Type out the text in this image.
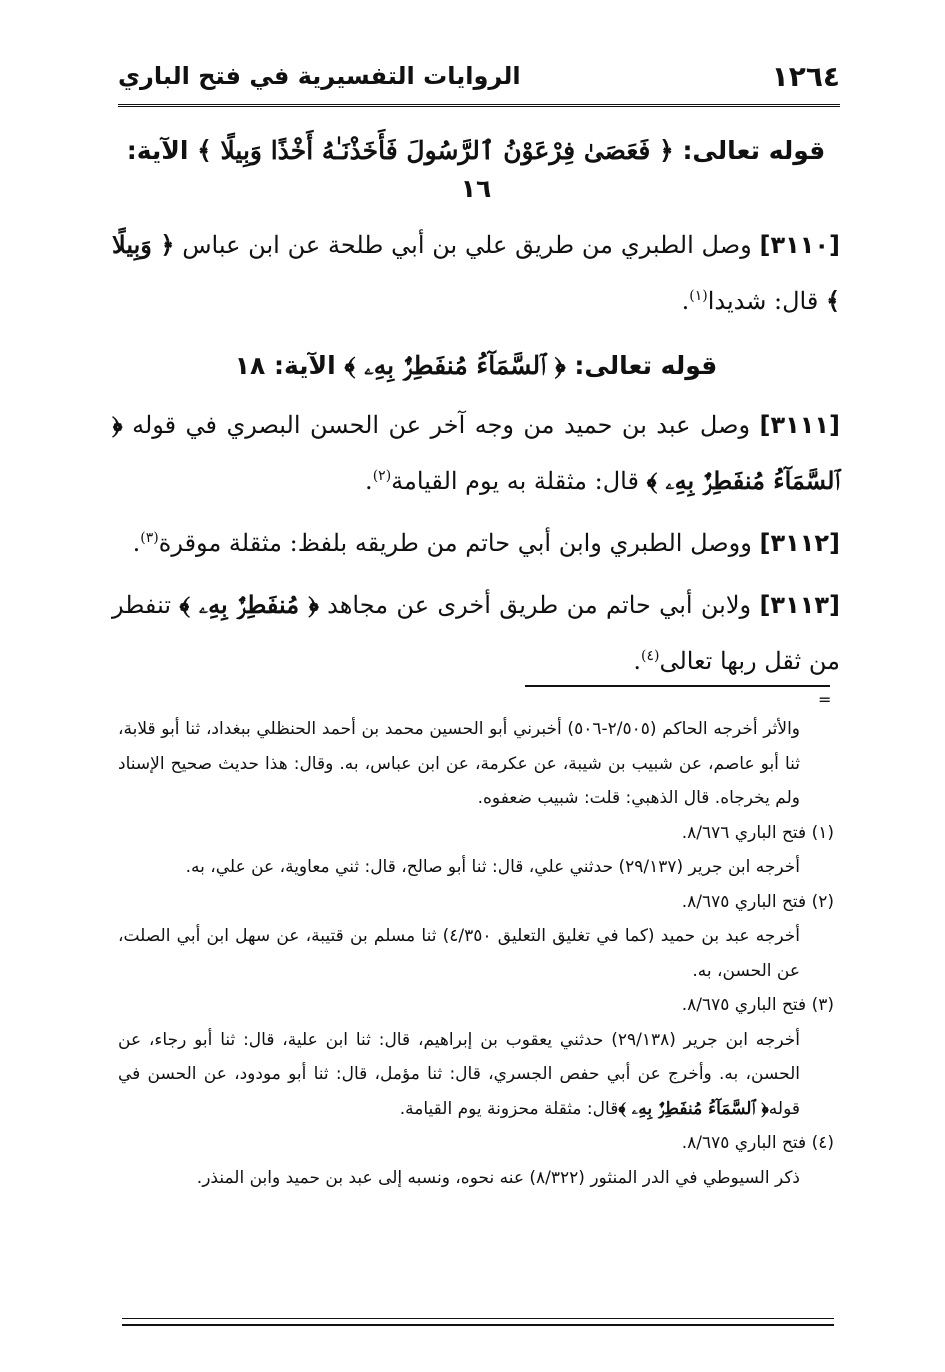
١٢٦٤
الروايات التفسيرية في فتح الباري
قوله تعالى: ﴿ فَعَصَىٰ فِرْعَوْنُ ٱلرَّسُولَ فَأَخَذْنَـٰهُ أَخْذًا وَبِيلًا ﴾ الآية: ١٦

[٣١١٠] وصل الطبري من طريق علي بن أبي طلحة عن ابن عباس ﴿ وَبِيلًا ﴾ قال: شديدا$^{(١)}$.

قوله تعالى: ﴿ ٱلسَّمَآءُ مُنفَطِرٌۢ بِهِۦ ﴾ الآية: ١٨

[٣١١١] وصل عبد بن حميد من وجه آخر عن الحسن البصري في قوله ﴿ ٱلسَّمَآءُ مُنفَطِرٌۢ بِهِۦ ﴾ قال: مثقلة به يوم القيامة$^{(٢)}$.

[٣١١٢] ووصل الطبري وابن أبي حاتم من طريقه بلفظ: مثقلة موقرة$^{(٣)}$.

[٣١١٣] ولابن أبي حاتم من طريق أخرى عن مجاهد ﴿ مُنفَطِرٌۢ بِهِۦ ﴾ تنفطر من ثقل ربها تعالى$^{(٤)}$.

=

والأثر أخرجه الحاكم (٢/٥٠٥-٥٠٦) أخبرني أبو الحسين محمد بن أحمد الحنظلي ببغداد، ثنا أبو قلابة، ثنا أبو عاصم، عن شبيب بن شيبة، عن عكرمة، عن ابن عباس، به. وقال: هذا حديث صحيح الإسناد ولم يخرجاه. قال الذهبي: قلت: شبيب ضعفوه.

(١) فتح الباري ٨/٦٧٦.

أخرجه ابن جرير (٢٩/١٣٧) حدثني علي، قال: ثنا أبو صالح، قال: ثني معاوية، عن علي، به.

(٢) فتح الباري ٨/٦٧٥.

أخرجه عبد بن حميد (كما في تغليق التعليق ٤/٣٥٠) ثنا مسلم بن قتيبة، عن سهل ابن أبي الصلت، عن الحسن، به.

(٣) فتح الباري ٨/٦٧٥.

أخرجه ابن جرير (٢٩/١٣٨) حدثني يعقوب بن إبراهيم، قال: ثنا ابن علية، قال: ثنا أبو رجاء، عن الحسن، به. وأخرج عن أبي حفص الجسري، قال: ثنا مؤمل، قال: ثنا أبو مودود، عن الحسن في قوله﴿ ٱلسَّمَآءُ مُنفَطِرٌۢ بِهِۦ ﴾قال: مثقلة محزونة يوم القيامة.

(٤) فتح الباري ٨/٦٧٥.

ذكر السيوطي في الدر المنثور (٨/٣٢٢) عنه نحوه، ونسبه إلى عبد بن حميد وابن المنذر.
